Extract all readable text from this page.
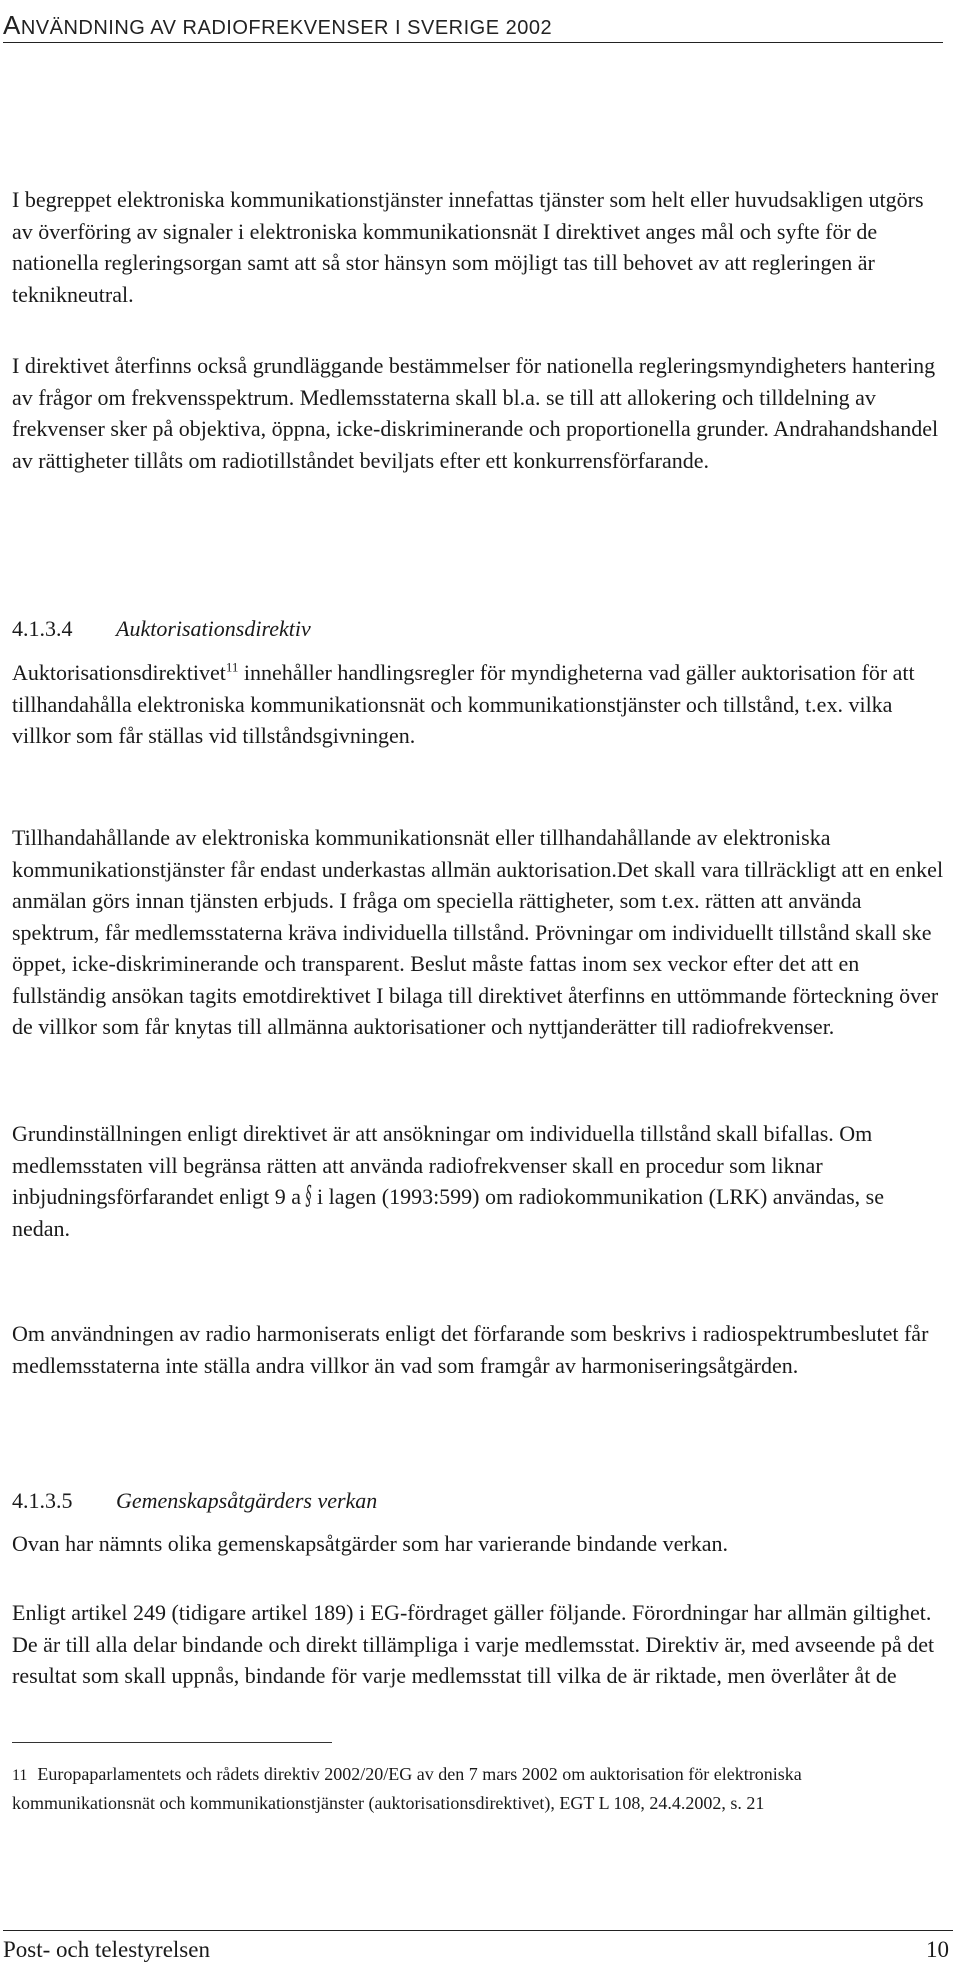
ANVÄNDNING AV RADIOFREKVENSER I SVERIGE 2002

I begreppet elektroniska kommunikationstjänster innefattas tjänster som helt eller huvudsakligen utgörs av överföring av signaler i elektroniska kommunikationsnät I direktivet anges mål och syfte för de nationella regleringsorgan samt att så stor hänsyn som möjligt tas till behovet av att regleringen är teknikneutral.

I direktivet återfinns också grundläggande bestämmelser för nationella regleringsmyndigheters hantering av frågor om frekvensspektrum. Medlemsstaterna skall bl.a. se till att allokering och tilldelning av frekvenser sker på objektiva, öppna, icke-diskriminerande och proportionella grunder. Andrahandshandel av rättigheter tillåts om radiotillståndet beviljats efter ett konkurrensförfarande.

4.1.3.4 Auktorisationsdirektiv

Auktorisationsdirektivet$^{11}$ innehåller handlingsregler för myndigheterna vad gäller auktorisation för att tillhandahålla elektroniska kommunikationsnät och kommunikationstjänster och tillstånd, t.ex. vilka villkor som får ställas vid tillståndsgivningen.

Tillhandahållande av elektroniska kommunikationsnät eller tillhandahållande av elektroniska kommunikationstjänster får endast underkastas allmän auktorisation.Det skall vara tillräckligt att en enkel anmälan görs innan tjänsten erbjuds. I fråga om speciella rättigheter, som t.ex. rätten att använda spektrum, får medlemsstaterna kräva individuella tillstånd. Prövningar om individuellt tillstånd skall ske öppet, icke-diskriminerande och transparent. Beslut måste fattas inom sex veckor efter det att en fullständig ansökan tagits emotdirektivet I bilaga till direktivet återfinns en uttömmande förteckning över de villkor som får knytas till allmänna auktorisationer och nyttjanderätter till radiofrekvenser.

Grundinställningen enligt direktivet är att ansökningar om individuella tillstånd skall bifallas. Om medlemsstaten vill begränsa rätten att använda radiofrekvenser skall en procedur som liknar inbjudningsförfarandet enligt 9 a § i lagen (1993:599) om radiokommunikation (LRK) användas, se nedan.

Om användningen av radio harmoniserats enligt det förfarande som beskrivs i radiospektrumbeslutet får medlemsstaterna inte ställa andra villkor än vad som framgår av harmoniseringsåtgärden.

4.1.3.5 Gemenskapsåtgärders verkan

Ovan har nämnts olika gemenskapsåtgärder som har varierande bindande verkan.

Enligt artikel 249 (tidigare artikel 189) i EG-fördraget gäller följande. Förordningar har allmän giltighet. De är till alla delar bindande och direkt tillämpliga i varje medlemsstat. Direktiv är, med avseende på det resultat som skall uppnås, bindande för varje medlemsstat till vilka de är riktade, men överlåter åt de

11 Europaparlamentets och rådets direktiv 2002/20/EG av den 7 mars 2002 om auktorisation för elektroniska kommunikationsnät och kommunikationstjänster (auktorisationsdirektivet), EGT L 108, 24.4.2002, s. 21
Post- och telestyrelsen	10
